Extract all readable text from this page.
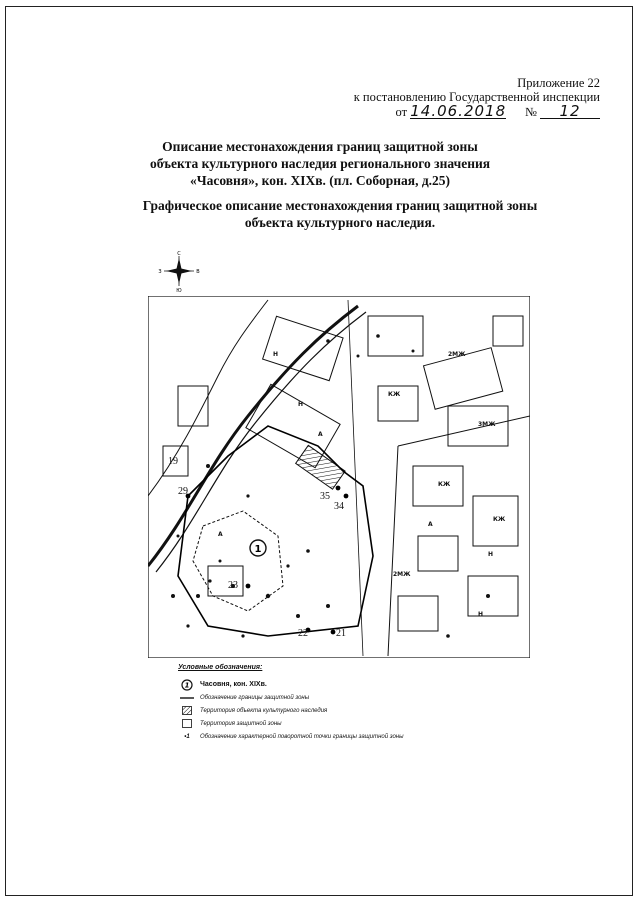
Приложение 22
к постановлению Государственной инспекции
от 14.06.2018 № 12
Описание местонахождения границ защитной зоны
объекта культурного наследия регионального значения
«Часовня», кон. XIXв. (пл. Соборная, д.25)
Графическое описание местонахождения границ защитной зоны
объекта культурного наследия.
С
Ю
З	В
1
35
34
22	21
29
19
23
2МЖ
3МЖ
2МЖ
КЖ
КЖ
КЖ
Н
Н
А
А
А
Н
Н
Условные обозначения:
1 Часовня, кон. XIXв.
Обозначение границы защитной зоны
Территория объекта культурного наследия
Территория защитной зоны
•1	Обозначение характерной поворотной точки границы защитной зоны
